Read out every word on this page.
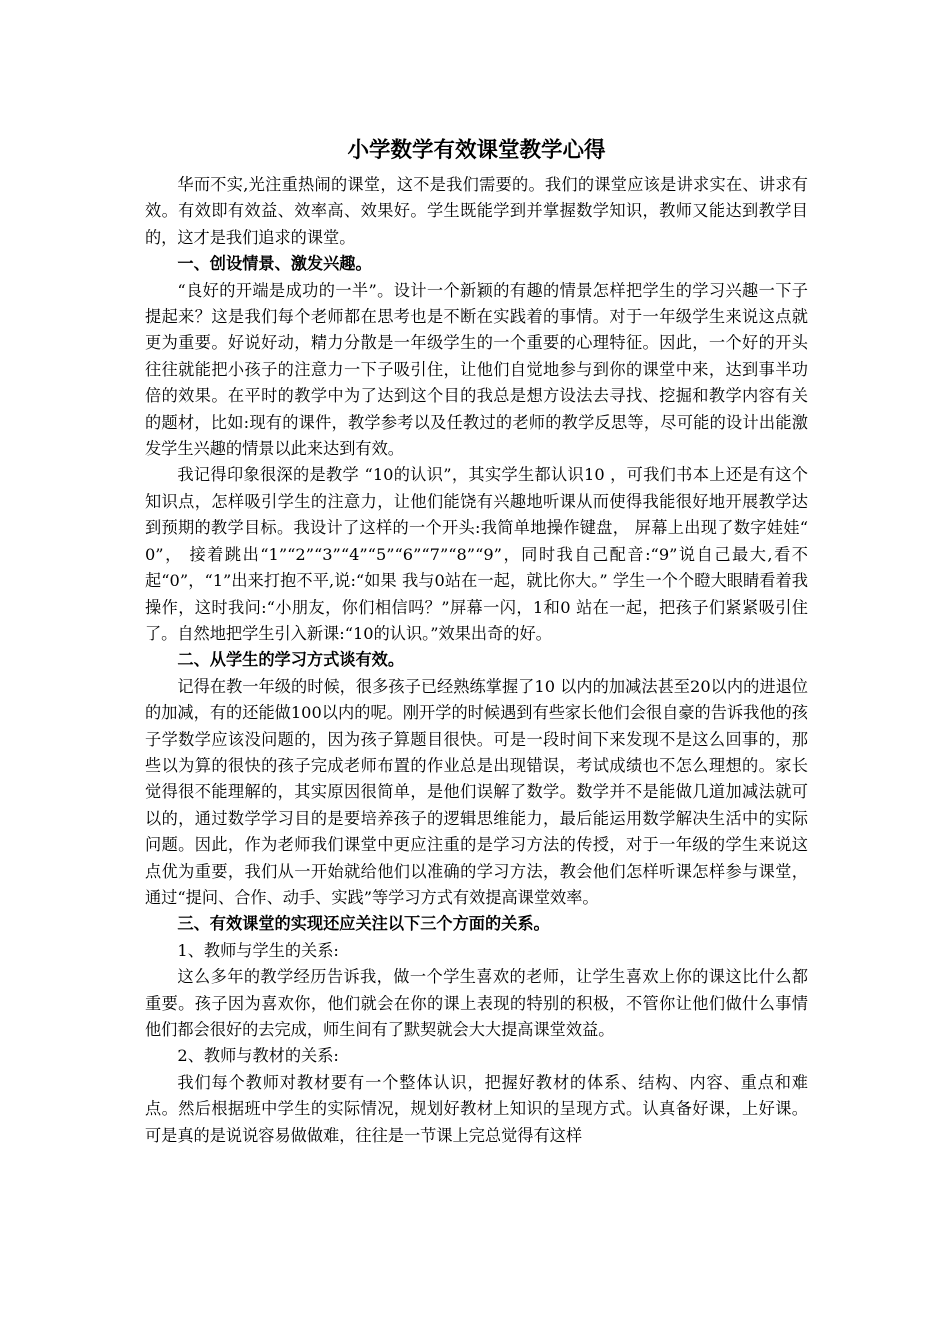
小学数学有效课堂教学心得

华而不实,光注重热闹的课堂，这不是我们需要的。我们的课堂应该是讲求实在、讲求有效。有效即有效益、效率高、效果好。学生既能学到并掌握数学知识，教师又能达到教学目的，这才是我们追求的课堂。

一、创设情景、激发兴趣。

“良好的开端是成功的一半”。设计一个新颖的有趣的情景怎样把学生的学习兴趣一下子提起来？这是我们每个老师都在思考也是不断在实践着的事情。对于一年级学生来说这点就更为重要。好说好动，精力分散是一年级学生的一个重要的心理特征。因此，一个好的开头往往就能把小孩子的注意力一下子吸引住，让他们自觉地参与到你的课堂中来，达到事半功倍的效果。在平时的教学中为了达到这个目的我总是想方设法去寻找、挖掘和教学内容有关的题材，比如:现有的课件，教学参考以及任教过的老师的教学反思等，尽可能的设计出能激发学生兴趣的情景以此来达到有效。

我记得印象很深的是教学 “10的认识”，其实学生都认识10 ，可我们书本上还是有这个知识点，怎样吸引学生的注意力，让他们能饶有兴趣地听课从而使得我能很好地开展教学达到预期的教学目标。我设计了这样的一个开头:我简单地操作键盘， 屏幕上出现了数字娃娃“ 0”， 接着跳出“1”“2”“3”“4”“5”“6”“7”“8”“9”，同时我自己配音:“9”说自己最大,看不起“0”，“1”出来打抱不平,说:“如果 我与0站在一起，就比你大。” 学生一个个瞪大眼睛看着我操作，这时我问:“小朋友，你们相信吗？”屏幕一闪，1和0 站在一起，把孩子们紧紧吸引住了。自然地把学生引入新课:“10的认识。”效果出奇的好。

二、从学生的学习方式谈有效。

记得在教一年级的时候，很多孩子已经熟练掌握了10 以内的加减法甚至20以内的进退位的加减，有的还能做100以内的呢。刚开学的时候遇到有些家长他们会很自豪的告诉我他的孩子学数学应该没问题的，因为孩子算题目很快。可是一段时间下来发现不是这么回事的，那些以为算的很快的孩子完成老师布置的作业总是出现错误，考试成绩也不怎么理想的。家长觉得很不能理解的，其实原因很简单，是他们误解了数学。数学并不是能做几道加减法就可以的，通过数学学习目的是要培养孩子的逻辑思维能力，最后能运用数学解决生活中的实际问题。因此，作为老师我们课堂中更应注重的是学习方法的传授，对于一年级的学生来说这点优为重要，我们从一开始就给他们以准确的学习方法，教会他们怎样听课怎样参与课堂，通过“提问、合作、动手、实践”等学习方式有效提高课堂效率。

三、有效课堂的实现还应关注以下三个方面的关系。

1、教师与学生的关系:

这么多年的教学经历告诉我，做一个学生喜欢的老师，让学生喜欢上你的课这比什么都重要。孩子因为喜欢你，他们就会在你的课上表现的特别的积极，不管你让他们做什么事情他们都会很好的去完成，师生间有了默契就会大大提高课堂效益。

2、教师与教材的关系:

我们每个教师对教材要有一个整体认识，把握好教材的体系、结构、内容、重点和难点。然后根据班中学生的实际情况，规划好教材上知识的呈现方式。认真备好课，上好课。可是真的是说说容易做做难，往往是一节课上完总觉得有这样
